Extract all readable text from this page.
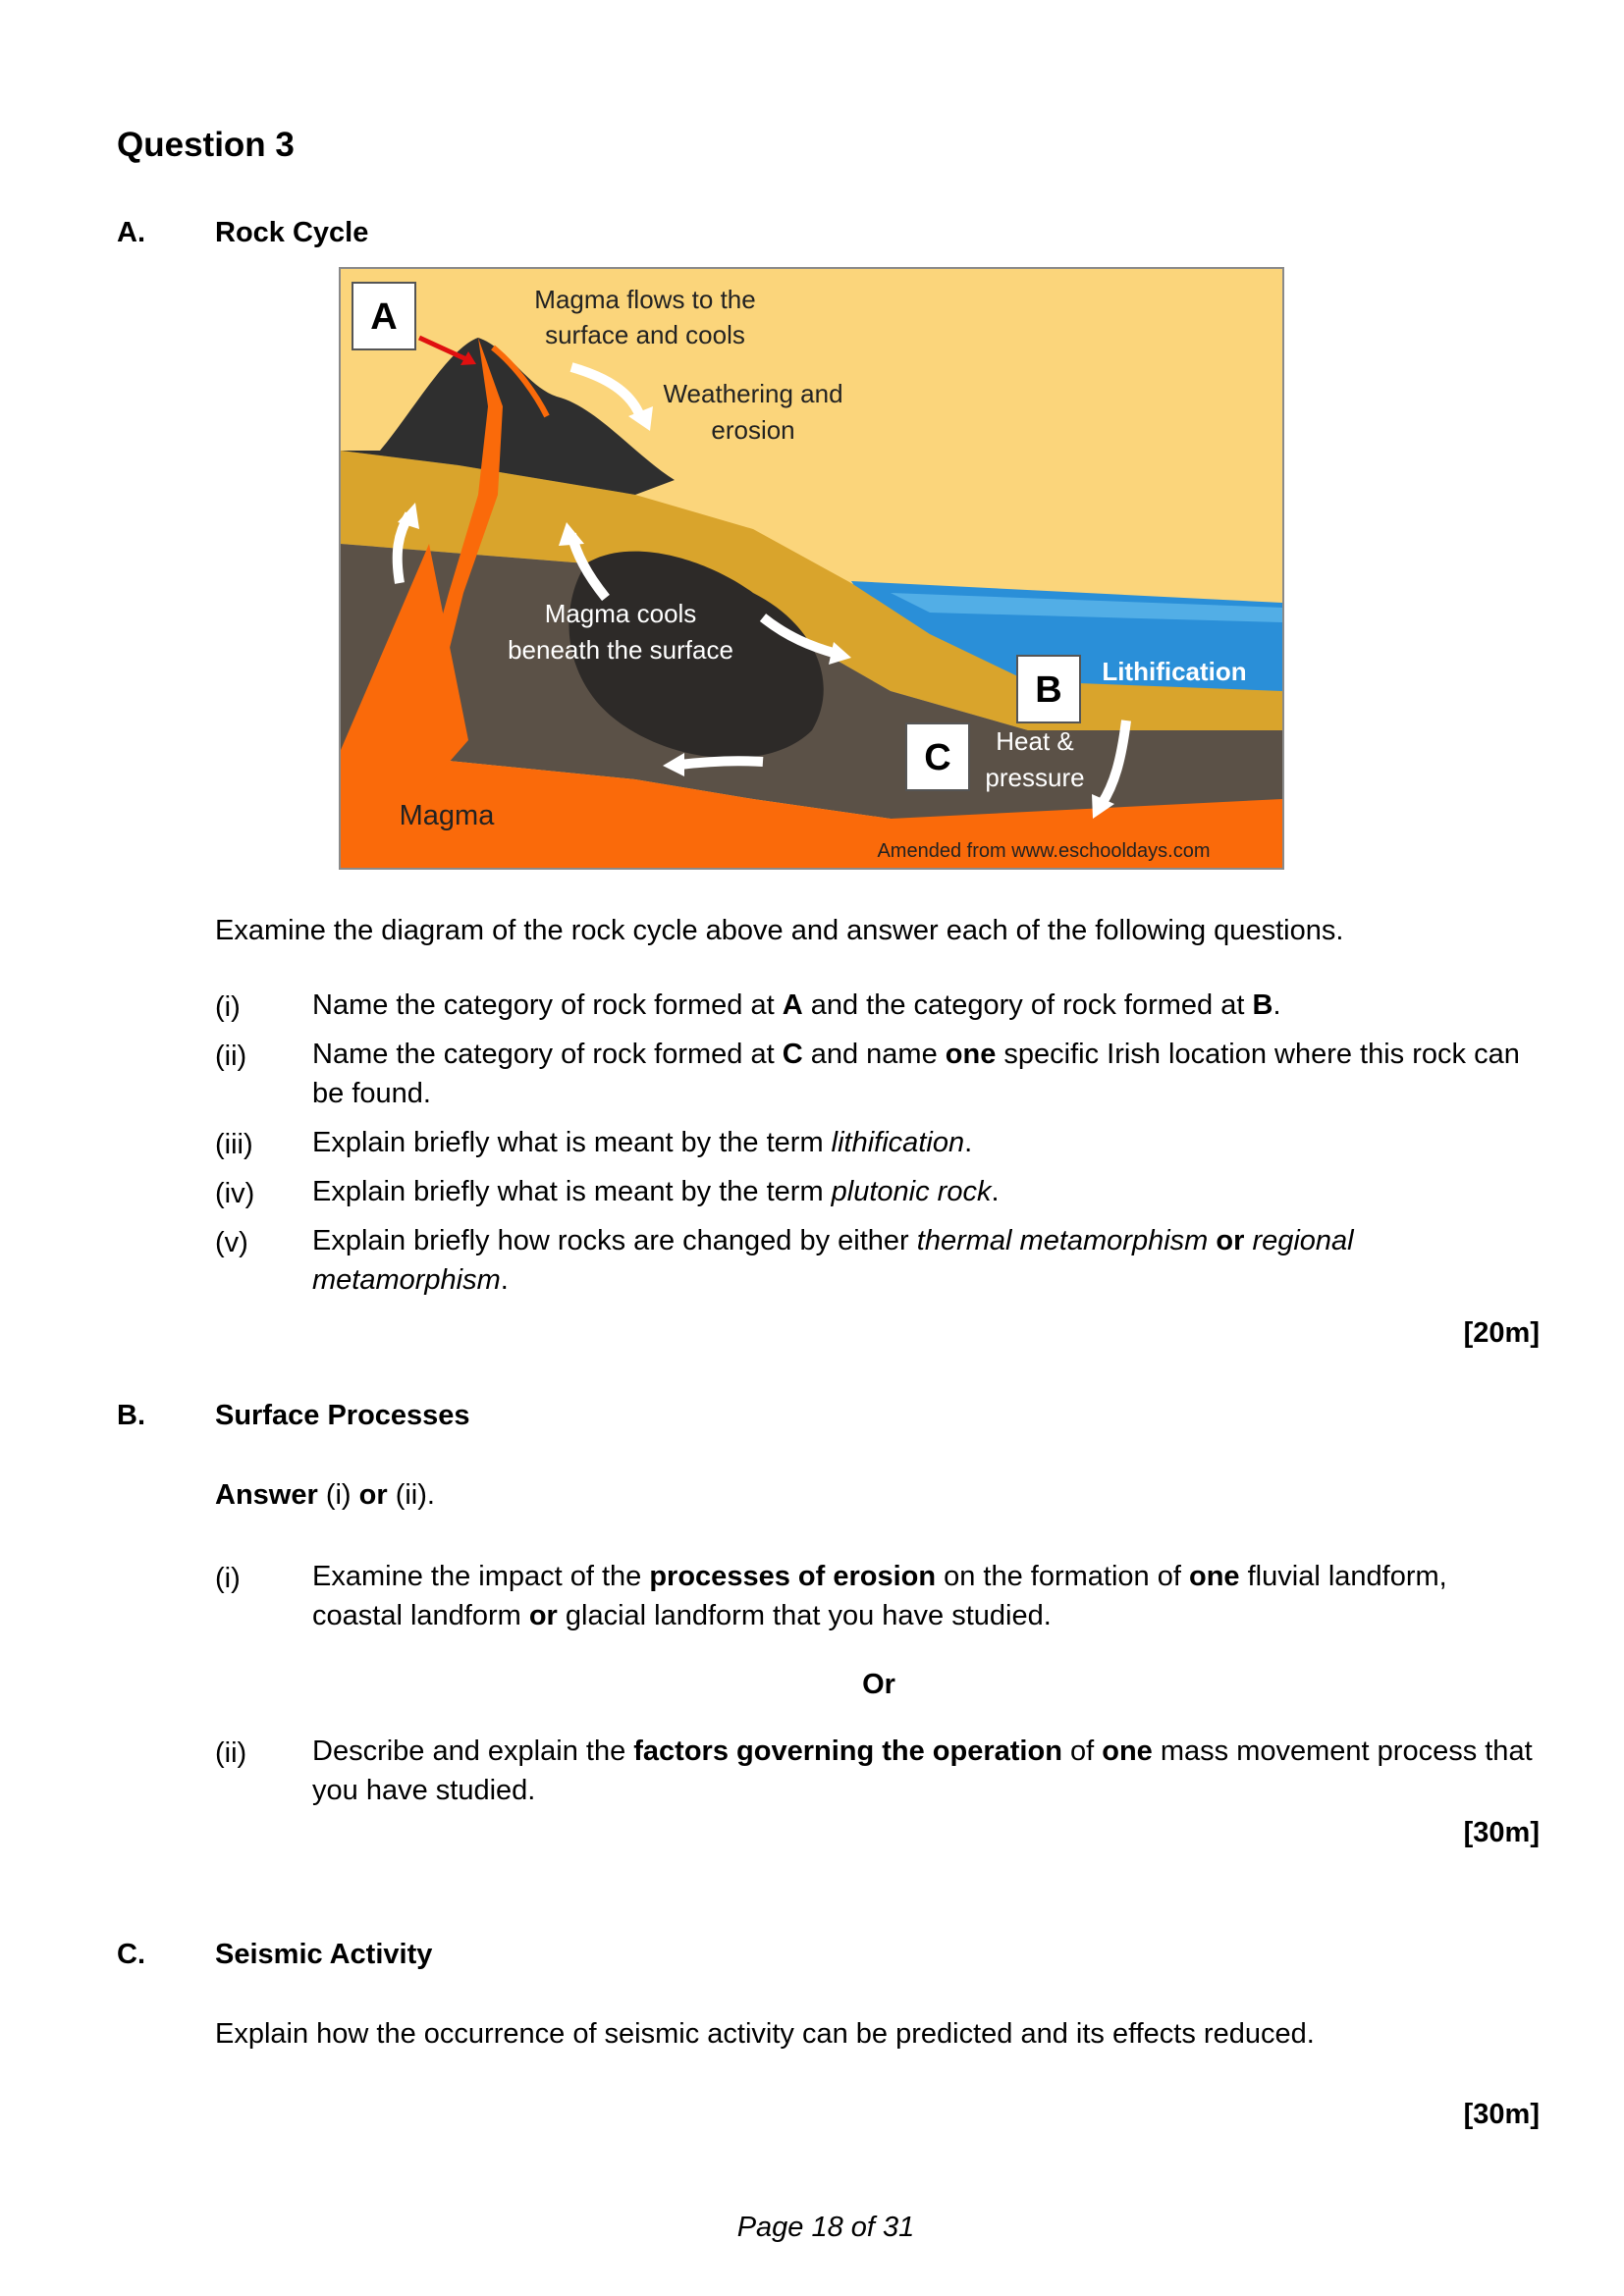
Question 3
A. Rock Cycle
A
B
C
Magma flows to the
surface and cools
Weathering and
erosion
Magma cools
beneath the surface
Lithification
Heat &
pressure
Magma
Amended from www.eschooldays.com
Examine the diagram of the rock cycle above and answer each of the following questions.
(i)	Name the category of rock formed at A and the category of rock formed at B.
(ii) Name the category of rock formed at C and name one specific Irish location where this rock can be found.
(iii) Explain briefly what is meant by the term lithification.
(iv) Explain briefly what is meant by the term plutonic rock.
(v) Explain briefly how rocks are changed by either thermal metamorphism or regional metamorphism.
[20m]
B. Surface Processes
Answer (i) or (ii).
(i)	Examine the impact of the processes of erosion on the formation of one fluvial landform, coastal landform or glacial landform that you have studied.
Or
(ii) Describe and explain the factors governing the operation of one mass movement process that you have studied.
[30m]
C. Seismic Activity
Explain how the occurrence of seismic activity can be predicted and its effects reduced.
[30m]
Page 18 of 31
